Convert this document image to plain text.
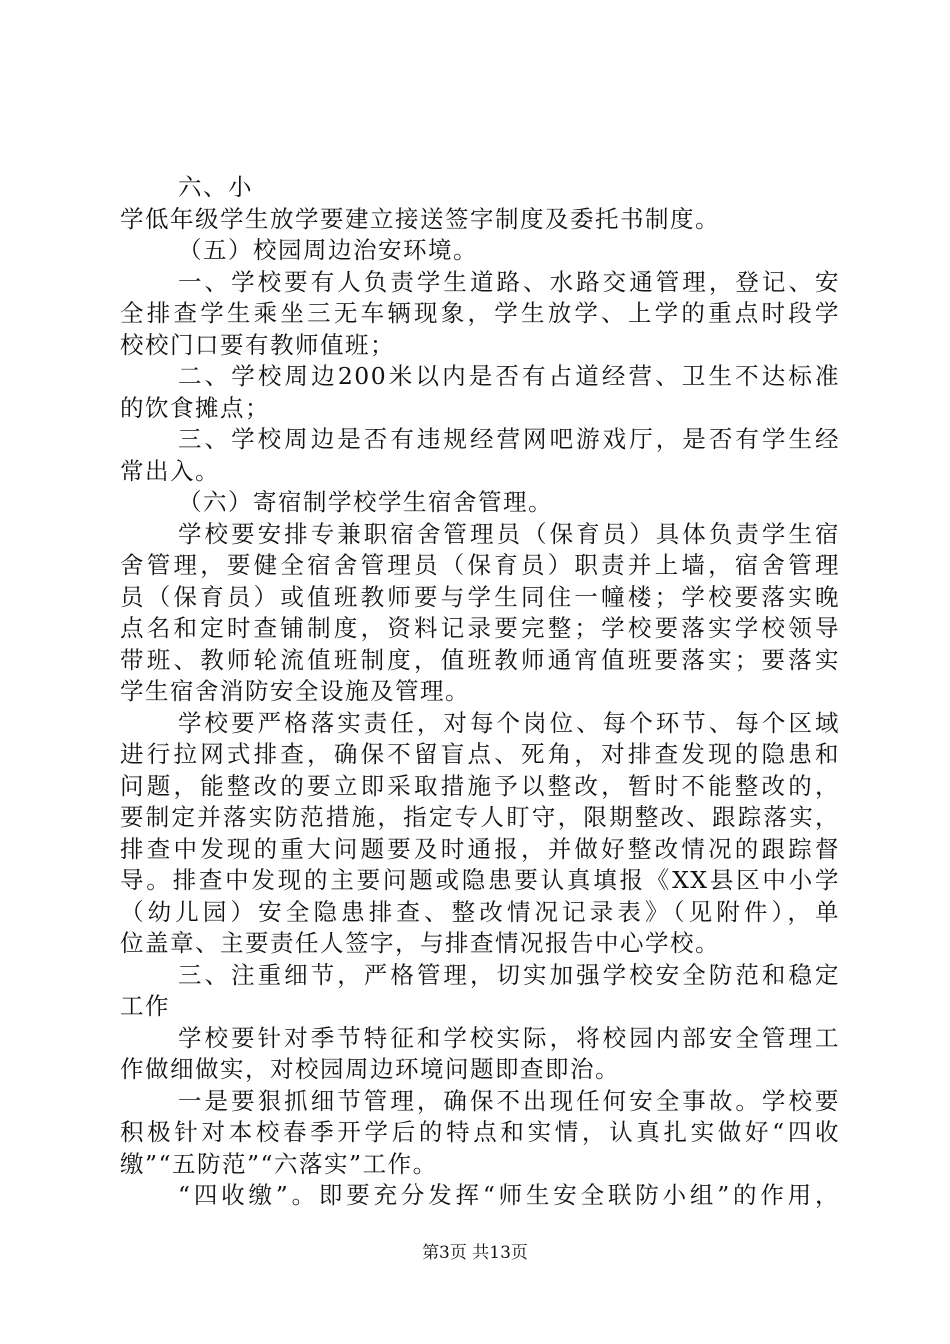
六、小
学低年级学生放学要建立接送签字制度及委托书制度。
（五）校园周边治安环境。
一、学校要有人负责学生道路、水路交通管理，登记、安
全排查学生乘坐三无车辆现象，学生放学、上学的重点时段学
校校门口要有教师值班；
二、学校周边200米以内是否有占道经营、卫生不达标准
的饮食摊点；
三、学校周边是否有违规经营网吧游戏厅，是否有学生经
常出入。
（六）寄宿制学校学生宿舍管理。
学校要安排专兼职宿舍管理员（保育员）具体负责学生宿
舍管理，要健全宿舍管理员（保育员）职责并上墙，宿舍管理
员（保育员）或值班教师要与学生同住一幢楼；学校要落实晚
点名和定时查铺制度，资料记录要完整；学校要落实学校领导
带班、教师轮流值班制度，值班教师通宵值班要落实；要落实
学生宿舍消防安全设施及管理。
学校要严格落实责任，对每个岗位、每个环节、每个区域
进行拉网式排查，确保不留盲点、死角，对排查发现的隐患和
问题，能整改的要立即采取措施予以整改，暂时不能整改的，
要制定并落实防范措施，指定专人盯守，限期整改、跟踪落实，
排查中发现的重大问题要及时通报，并做好整改情况的跟踪督
导。排查中发现的主要问题或隐患要认真填报《XX县区中小学
（幼儿园）安全隐患排查、整改情况记录表》（见附件），单
位盖章、主要责任人签字，与排查情况报告中心学校。
三、注重细节，严格管理，切实加强学校安全防范和稳定
工作
学校要针对季节特征和学校实际，将校园内部安全管理工
作做细做实，对校园周边环境问题即查即治。
一是要狠抓细节管理，确保不出现任何安全事故。学校要
积极针对本校春季开学后的特点和实情，认真扎实做好“四收
缴”“五防范”“六落实”工作。
“四收缴”。即要充分发挥“师生安全联防小组”的作用，
第3页 共13页
